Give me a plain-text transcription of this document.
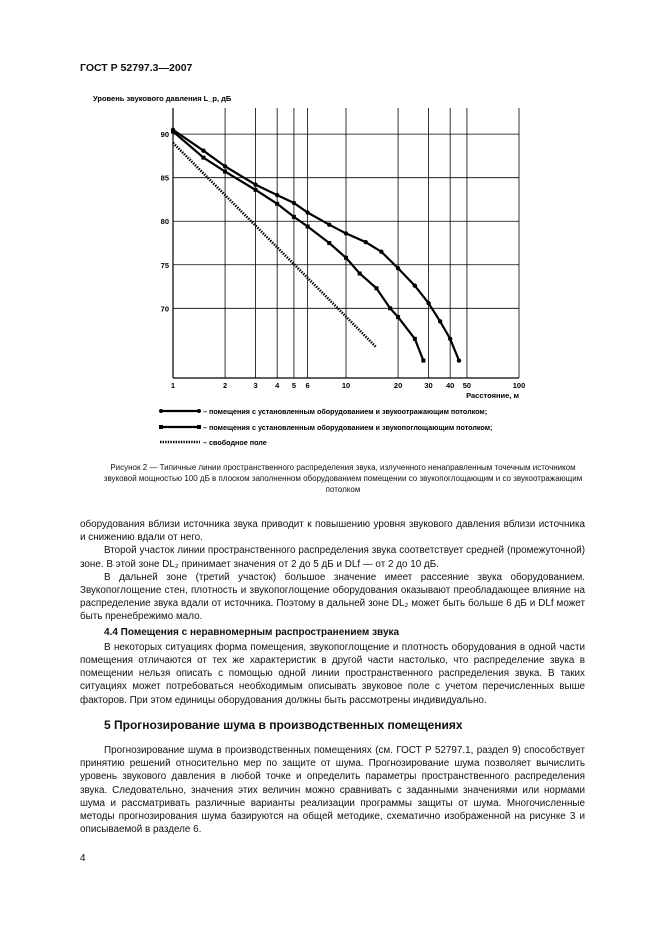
ГОСТ Р 52797.3—2007
1	2	3 4 5 6	10	20	30 40 50	100
70
75
80
85
90
Уровень звукового давления L_p, дБ
Расстояние, м
– помещения с установленным оборудованием и звукоотражающим потолком;
– помещения с установленным оборудованием и звукопоглощающим потолком;
– свободное поле
Рисунок 2 — Типичные линии пространственного распределения звука, излученного ненаправленным точечным источником звуковой мощностью 100 дБ в плоском заполненном оборудованием помещении со звукопоглощающим и со звукоотражающим потолком

оборудования вблизи источника звука приводит к повышению уровня звукового давления вблизи источника и снижению вдали от него.

Второй участок линии пространственного распределения звука соответствует средней (промежуточной) зоне. В этой зоне DL₂ принимает значения от 2 до 5 дБ и DLf — от 2 до 10 дБ.

В дальней зоне (третий участок) большое значение имеет рассеяние звука оборудованием. Звукопоглощение стен, плотность и звукопоглощение оборудования оказывают преобладающее влияние на распределение звука вдали от источника. Поэтому в дальней зоне DL₂ может быть больше 6 дБ и DLf может быть пренебрежимо мало.

4.4 Помещения с неравномерным распространением звука

В некоторых ситуациях форма помещения, звукопоглощение и плотность оборудования в одной части помещения отличаются от тех же характеристик в другой части настолько, что распределение звука в помещении нельзя описать с помощью одной линии пространственного распределения звука. В таких ситуациях может потребоваться необходимым описывать звуковое поле с учетом перечисленных выше факторов. При этом единицы оборудования должны быть рассмотрены индивидуально.

5 Прогнозирование шума в производственных помещениях

Прогнозирование шума в производственных помещениях (см. ГОСТ Р 52797.1, раздел 9) способствует принятию решений относительно мер по защите от шума. Прогнозирование шума позволяет вычислить уровень звукового давления в любой точке и определить параметры пространственного распределения звука. Следовательно, значения этих величин можно сравнивать с заданными значениями или нормами шума и рассматривать различные варианты реализации программы защиты от шума. Многочисленные методы прогнозирования шума базируются на общей методике, схематично изображенной на рисунке 3 и описываемой в разделе 6.

4
